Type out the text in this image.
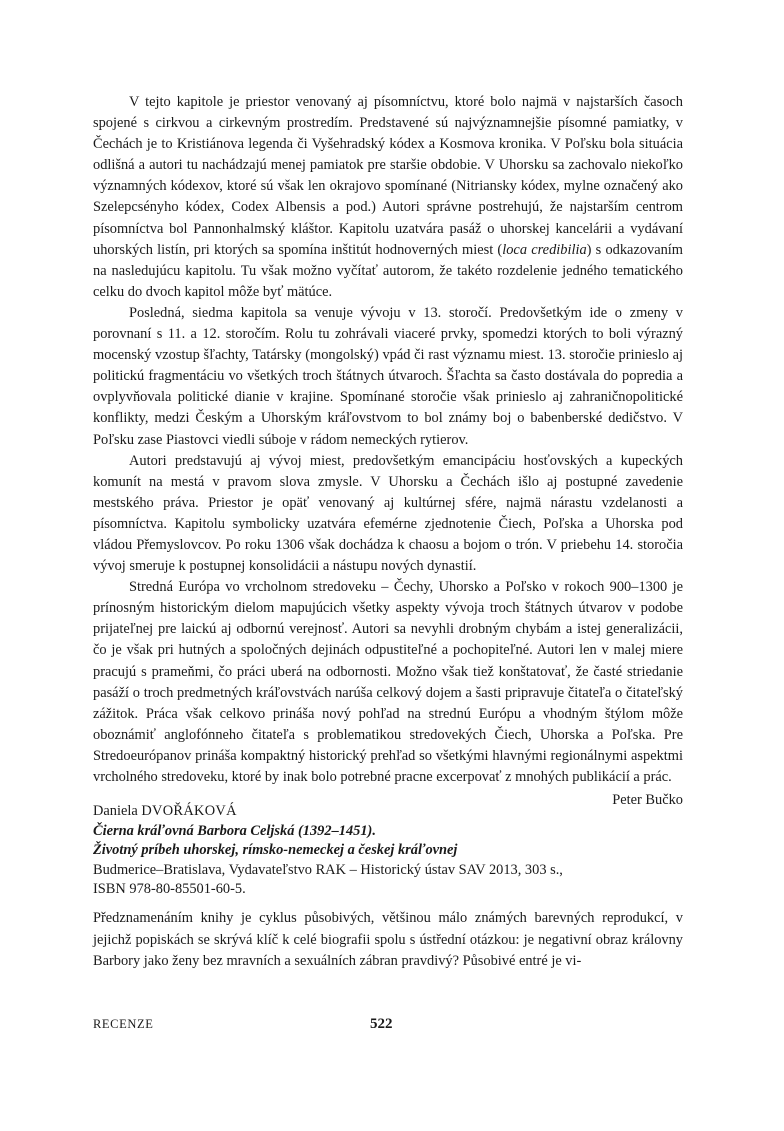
V tejto kapitole je priestor venovaný aj písomníctvu, ktoré bolo najmä v najstarších časoch spojené s cirkvou a cirkevným prostredím. Predstavené sú najvýznamnejšie písomné pamiatky, v Čechách je to Kristiánova legenda či Vyšehradský kódex a Kosmova kronika. V Poľsku bola situácia odlišná a autori tu nachádzajú menej pamiatok pre staršie obdobie. V Uhorsku sa zachovalo niekoľko významných kódexov, ktoré sú však len okrajovo spomínané (Nitriansky kódex, mylne označený ako Szelepcsényho kódex, Codex Albensis a pod.) Autori správne postrehujú, že najstarším centrom písomníctva bol Pannonhalmský kláštor. Kapitolu uzatvára pasáž o uhorskej kancelárii a vydávaní uhorských listín, pri ktorých sa spomína inštitút hodnoverných miest (loca credibilia) s odkazovaním na nasledujúcu kapitolu. Tu však možno vyčítať autorom, že takéto rozdelenie jedného tematického celku do dvoch kapitol môže byť mätúce.

Posledná, siedma kapitola sa venuje vývoju v 13. storočí. Predovšetkým ide o zmeny v porovnaní s 11. a 12. storočím. Rolu tu zohrávali viaceré prvky, spomedzi ktorých to boli výrazný mocenský vzostup šľachty, Tatársky (mongolský) vpád či rast významu miest. 13. storočie prinieslo aj politickú fragmentáciu vo všetkých troch štátnych útvaroch. Šľachta sa často dostávala do popredia a ovplyvňovala politické dianie v krajine. Spomínané storočie však prinieslo aj zahraničnopolitické konflikty, medzi Českým a Uhorským kráľovstvom to bol známy boj o babenberské dedičstvo. V Poľsku zase Piastovci viedli súboje v rádom nemeckých rytierov.

Autori predstavujú aj vývoj miest, predovšetkým emancipáciu hosťovských a kupeckých komunít na mestá v pravom slova zmysle. V Uhorsku a Čechách išlo aj postupné zavedenie mestského práva. Priestor je opäť venovaný aj kultúrnej sfére, najmä nárastu vzdelanosti a písomníctva. Kapitolu symbolicky uzatvára efemérne zjednotenie Čiech, Poľska a Uhorska pod vládou Přemyslovcov. Po roku 1306 však dochádza k chaosu a bojom o trón. V priebehu 14. storočia vývoj smeruje k postupnej konsolidácii a nástupu nových dynastií.

Stredná Európa vo vrcholnom stredoveku – Čechy, Uhorsko a Poľsko v rokoch 900–1300 je prínosným historickým dielom mapujúcich všetky aspekty vývoja troch štátnych útvarov v podobe prijateľnej pre laickú aj odbornú verejnosť. Autori sa nevyhli drobným chybám a istej generalizácii, čo je však pri hutných a spoločných dejinách odpustiteľné a pochopiteľné. Autori len v malej miere pracujú s prameňmi, čo práci uberá na odbornosti. Možno však tiež konštatovať, že časté striedanie pasáží o troch predmetných kráľovstvách narúša celkový dojem a šasti pripravuje čitateľa o čitateľský zážitok. Práca však celkovo prináša nový pohľad na strednú Európu a vhodným štýlom môže oboznámiť anglofónneho čitateľa s problematikou stredovekých Čiech, Uhorska a Poľska. Pre Stredoeurópanov prináša kompaktný historický prehľad so všetkými hlavnými regionálnymi aspektmi vrcholného stredoveku, ktoré by inak bolo potrebné pracne excerpovať z mnohých publikácií a prác.

Peter Bučko
Daniela DVOŘÁKOVÁ
Čierna kráľovná Barbora Celjská (1392–1451).
Životný príbeh uhorskej, rímsko-nemeckej a českej kráľovnej
Budmerice–Bratislava, Vydavateľstvo RAK – Historický ústav SAV 2013, 303 s.,
ISBN 978-80-85501-60-5.

Předznamenáním knihy je cyklus působivých, většinou málo známých barevných reprodukcí, v jejichž popiskách se skrývá klíč k celé biografii spolu s ústřední otázkou: je negativní obraz královny Barbory jako ženy bez mravních a sexuálních zábran pravdivý? Působivé entré je vi-

RECENZE	522
